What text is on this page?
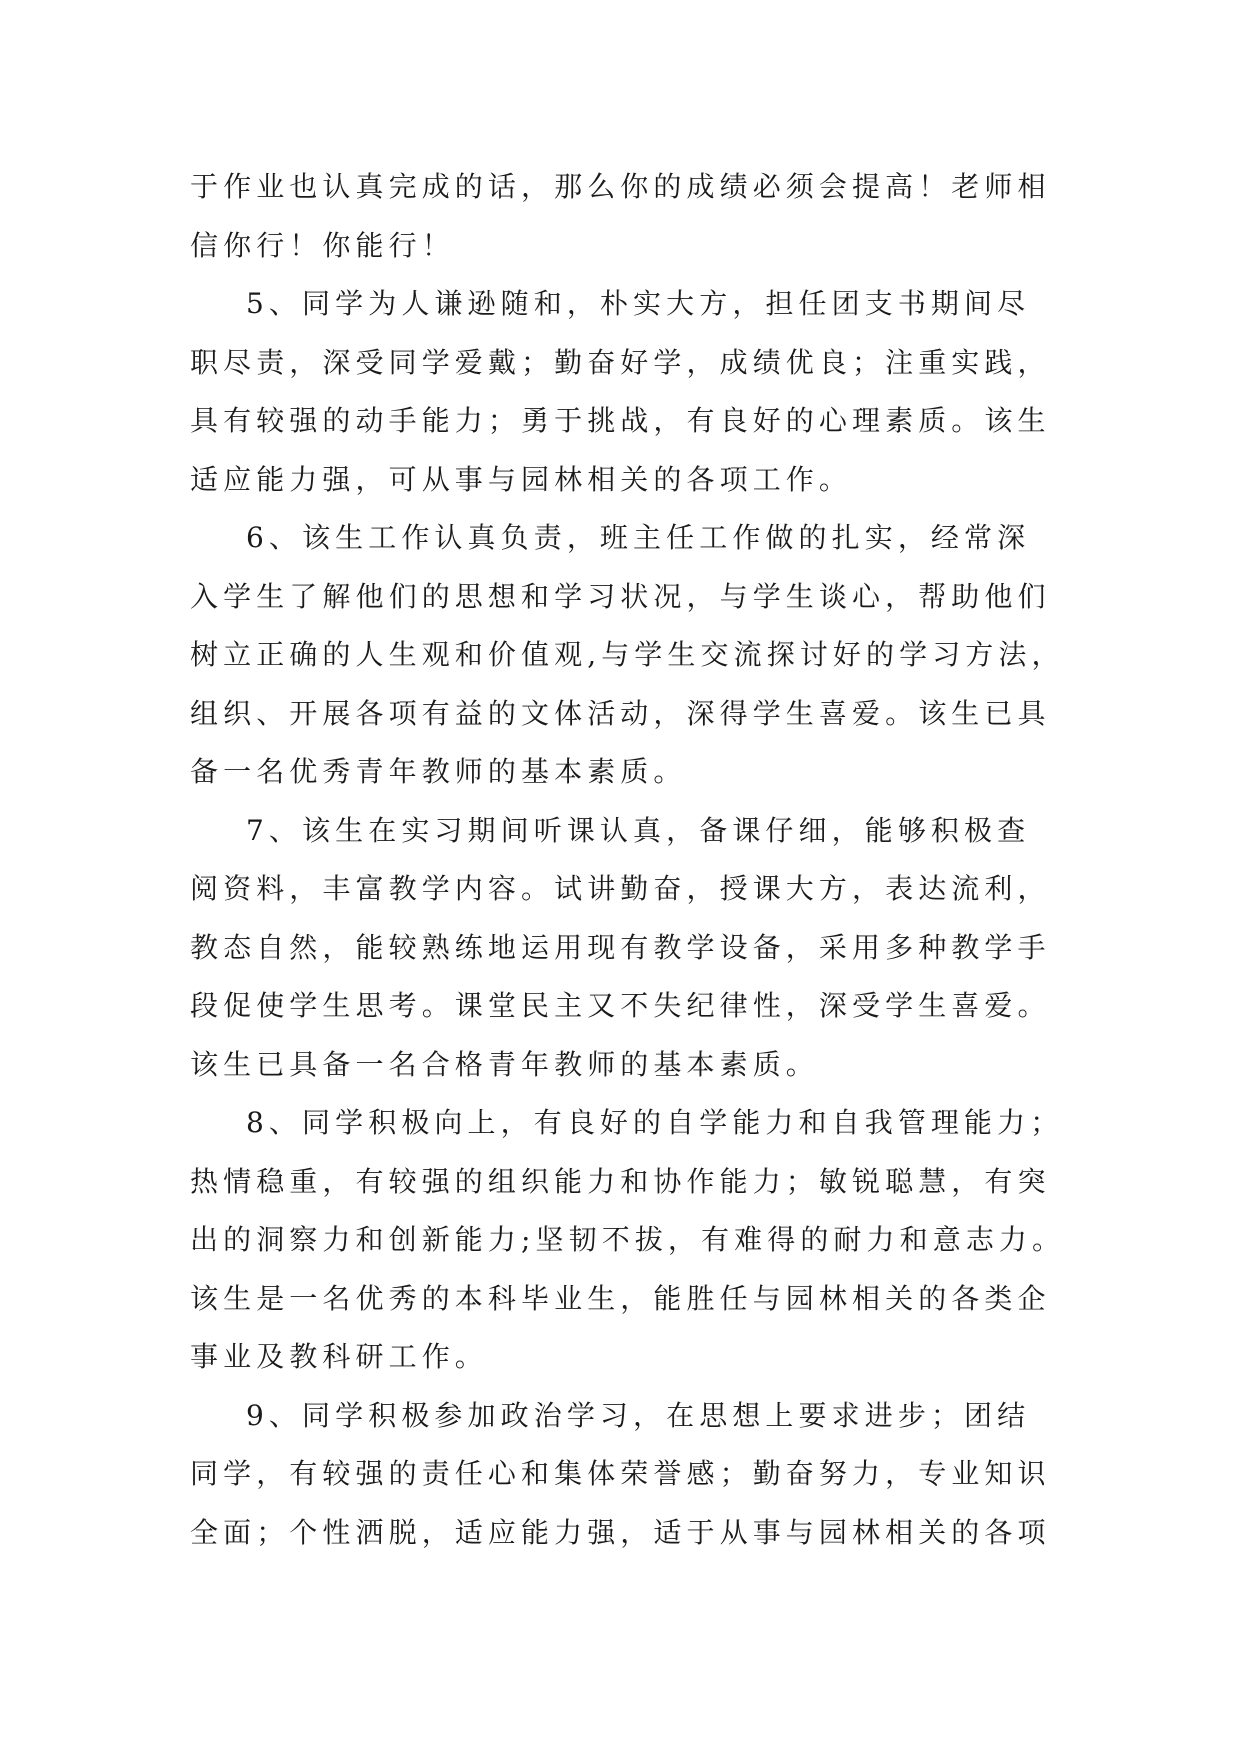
于作业也认真完成的话，那么你的成绩必须会提高！老师相
信你行！你能行！
5、同学为人谦逊随和，朴实大方，担任团支书期间尽
职尽责，深受同学爱戴；勤奋好学，成绩优良；注重实践，
具有较强的动手能力；勇于挑战，有良好的心理素质。该生
适应能力强，可从事与园林相关的各项工作。
6、该生工作认真负责，班主任工作做的扎实，经常深
入学生了解他们的思想和学习状况，与学生谈心，帮助他们
树立正确的人生观和价值观,与学生交流探讨好的学习方法，
组织、开展各项有益的文体活动，深得学生喜爱。该生已具
备一名优秀青年教师的基本素质。
7、该生在实习期间听课认真，备课仔细，能够积极查
阅资料，丰富教学内容。试讲勤奋，授课大方，表达流利，
教态自然，能较熟练地运用现有教学设备，采用多种教学手
段促使学生思考。课堂民主又不失纪律性，深受学生喜爱。
该生已具备一名合格青年教师的基本素质。
8、同学积极向上，有良好的自学能力和自我管理能力；
热情稳重，有较强的组织能力和协作能力；敏锐聪慧，有突
出的洞察力和创新能力;坚韧不拔，有难得的耐力和意志力。
该生是一名优秀的本科毕业生，能胜任与园林相关的各类企
事业及教科研工作。
9、同学积极参加政治学习，在思想上要求进步；团结
同学，有较强的责任心和集体荣誉感；勤奋努力，专业知识
全面；个性洒脱，适应能力强，适于从事与园林相关的各项
